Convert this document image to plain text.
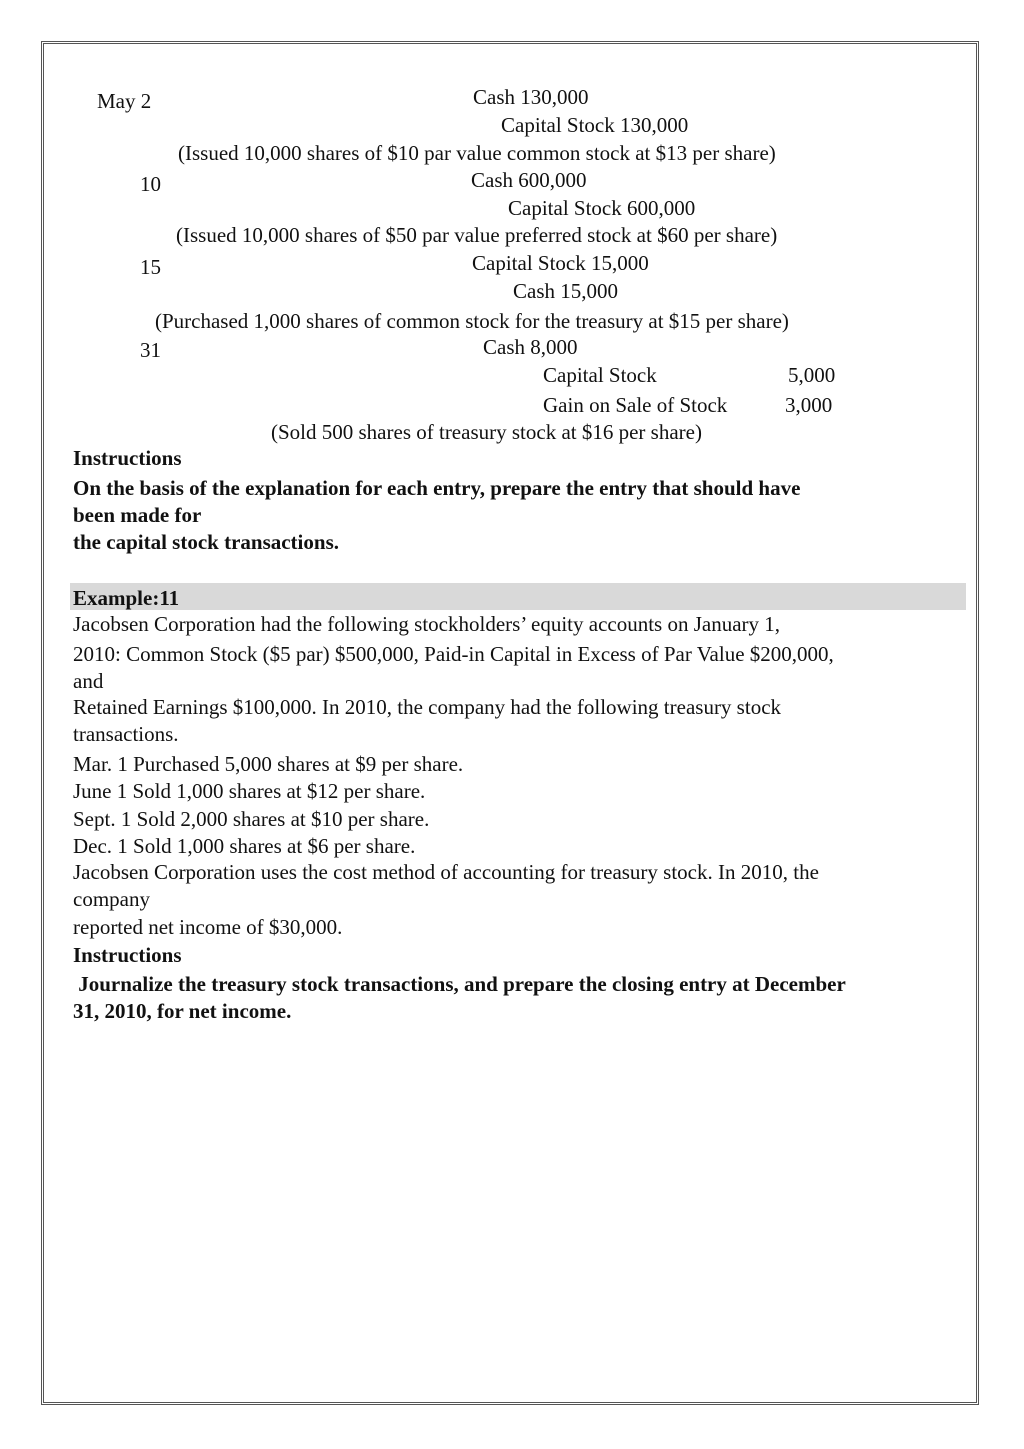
May 2	Cash 130,000

Capital Stock 130,000

(Issued 10,000 shares of $10 par value common stock at $13 per share)

10	Cash 600,000

Capital Stock 600,000

(Issued 10,000 shares of $50 par value preferred stock at $60 per share)

15	Capital Stock 15,000

Cash 15,000

(Purchased 1,000 shares of common stock for the treasury at $15 per share)

31	Cash 8,000

Capital Stock	5,000

Gain on Sale of Stock	3,000

(Sold 500 shares of treasury stock at $16 per share)

Instructions

On the basis of the explanation for each entry, prepare the entry that should have

been made for

the capital stock transactions.

Example:11

Jacobsen Corporation had the following stockholders’ equity accounts on January 1,

2010: Common Stock ($5 par) $500,000, Paid-in Capital in Excess of Par Value $200,000,

and

Retained Earnings $100,000. In 2010, the company had the following treasury stock

transactions.

Mar. 1 Purchased 5,000 shares at $9 per share.

June 1 Sold 1,000 shares at $12 per share.

Sept. 1 Sold 2,000 shares at $10 per share.

Dec. 1 Sold 1,000 shares at $6 per share.

Jacobsen Corporation uses the cost method of accounting for treasury stock. In 2010, the

company

reported net income of $30,000.

Instructions

Journalize the treasury stock transactions, and prepare the closing entry at December

31, 2010, for net income.
